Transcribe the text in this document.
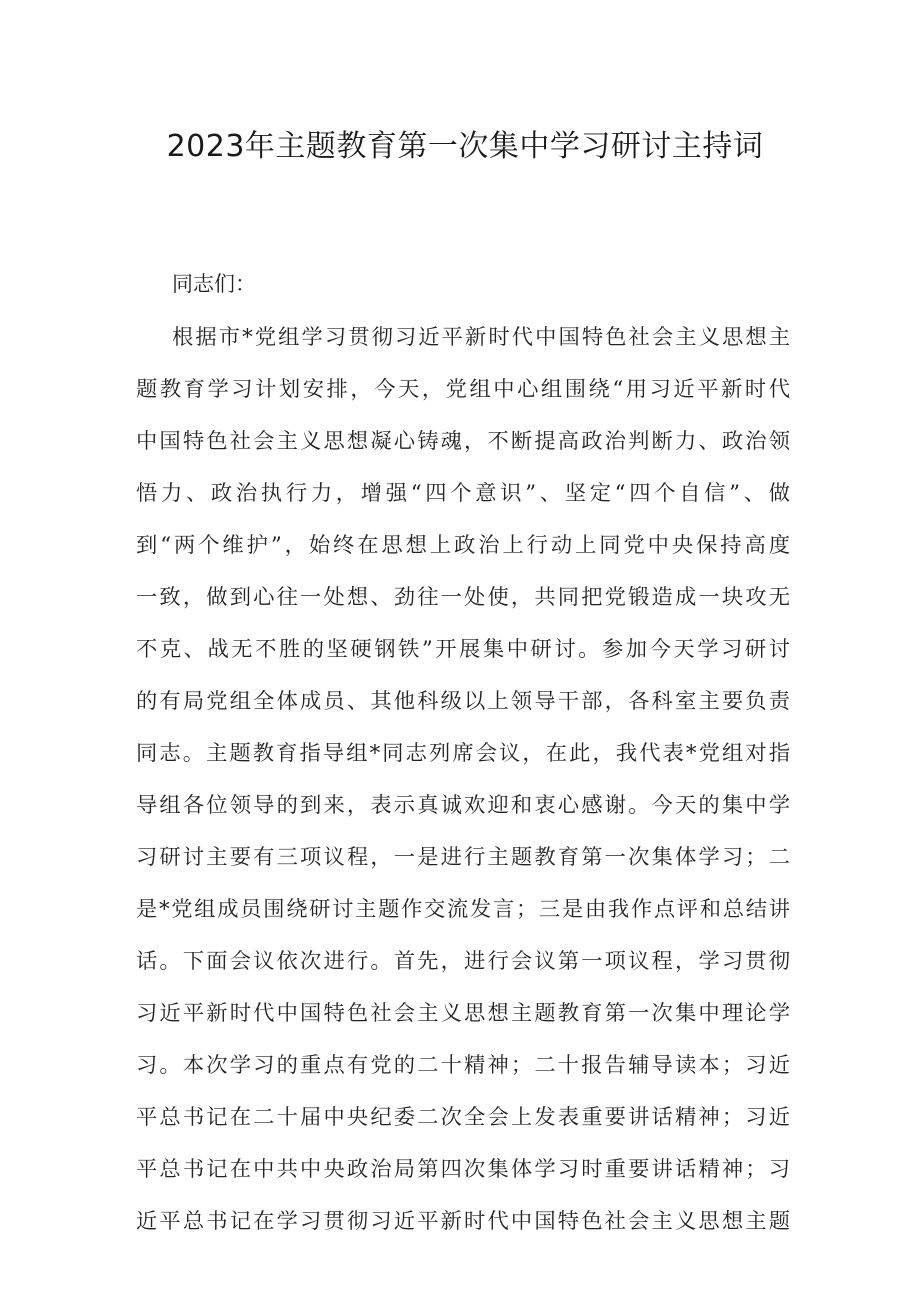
2023年主题教育第一次集中学习研讨主持词

同志们：

根据市*党组学习贯彻习近平新时代中国特色社会主义思想主

题教育学习计划安排，今天，党组中心组围绕“用习近平新时代

中国特色社会主义思想凝心铸魂，不断提高政治判断力、政治领

悟力、政治执行力，增强“四个意识”、坚定“四个自信”、做

到“两个维护”，始终在思想上政治上行动上同党中央保持高度

一致，做到心往一处想、劲往一处使，共同把党锻造成一块攻无

不克、战无不胜的坚硬钢铁”开展集中研讨。参加今天学习研讨

的有局党组全体成员、其他科级以上领导干部，各科室主要负责

同志。主题教育指导组*同志列席会议，在此，我代表*党组对指

导组各位领导的到来，表示真诚欢迎和衷心感谢。今天的集中学

习研讨主要有三项议程，一是进行主题教育第一次集体学习；二

是*党组成员围绕研讨主题作交流发言；三是由我作点评和总结讲

话。下面会议依次进行。首先，进行会议第一项议程，学习贯彻

习近平新时代中国特色社会主义思想主题教育第一次集中理论学

习。本次学习的重点有党的二十精神；二十报告辅导读本；习近

平总书记在二十届中央纪委二次全会上发表重要讲话精神；习近

平总书记在中共中央政治局第四次集体学习时重要讲话精神；习

近平总书记在学习贯彻习近平新时代中国特色社会主义思想主题
